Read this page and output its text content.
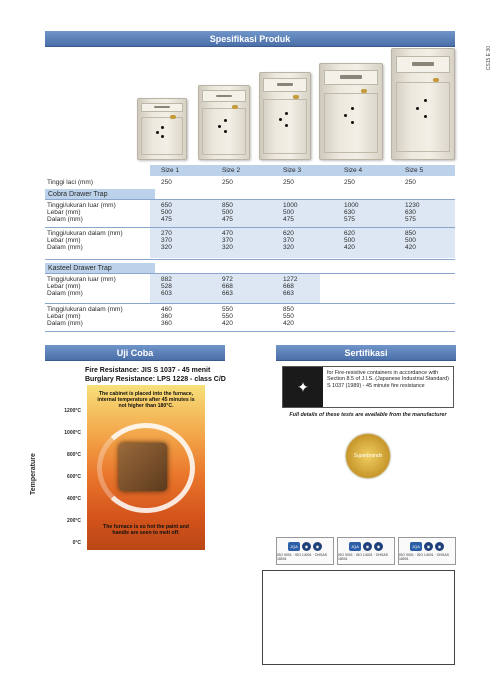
Spesifikasi Produk
CS15 E 30
Size 1	Size 2	Size 3	Size 4	Size 5
Tinggi laci (mm)	250	250	250	250	250
Cobra Drawer Trap
Tinggi/ukuran luar (mm)	650	850	1000	1000	1230
Lebar (mm)	500	500	500	630	630
Dalam (mm)	475	475	475	575	575
Tinggi/ukuran dalam (mm)	270	470	620	620	850
Lebar (mm)	370	370	370	500	500
Dalam (mm)	320	320	320	420	420
Kasteel Drawer Trap
Tinggi/ukuran luar (mm)	882	972	1272
Lebar (mm)	528	668	668
Dalam (mm)	603	663	663
Tinggi/ukuran dalam (mm)	460	550	850
Lebar (mm)	360	550	550
Dalam (mm)	360	420	420
Uji Coba
Fire Resistance: JIS S 1037 - 45 menit
Burglary Resistance: LPS 1228 - class C/D
Temperature
1200°C
1000°C
800°C
600°C
400°C
200°C
0°C
The cabinet is placed into the furnace, internal temperature after 45 minutes is not higher than 180°C.
The furnace is so hot the paint and handle are seen to melt off.
Sertifikasi
✦
for Fire-resistive containers in accordance with Section 8.5 of J.I.S. (Japanese Industrial Standard) S 1037 (1989) - 45 minute fire resistance
Full details of these tests are available from the manufacturer
Superbrands
JQA	◉	◉
ISO 9001 · ISO 14001 · OHSAS 18001
JQA	◉	◉
ISO 9001 · ISO 14001 · OHSAS 18001
JQA	◉	◉
ISO 9001 · ISO 14001 · OHSAS 18001
